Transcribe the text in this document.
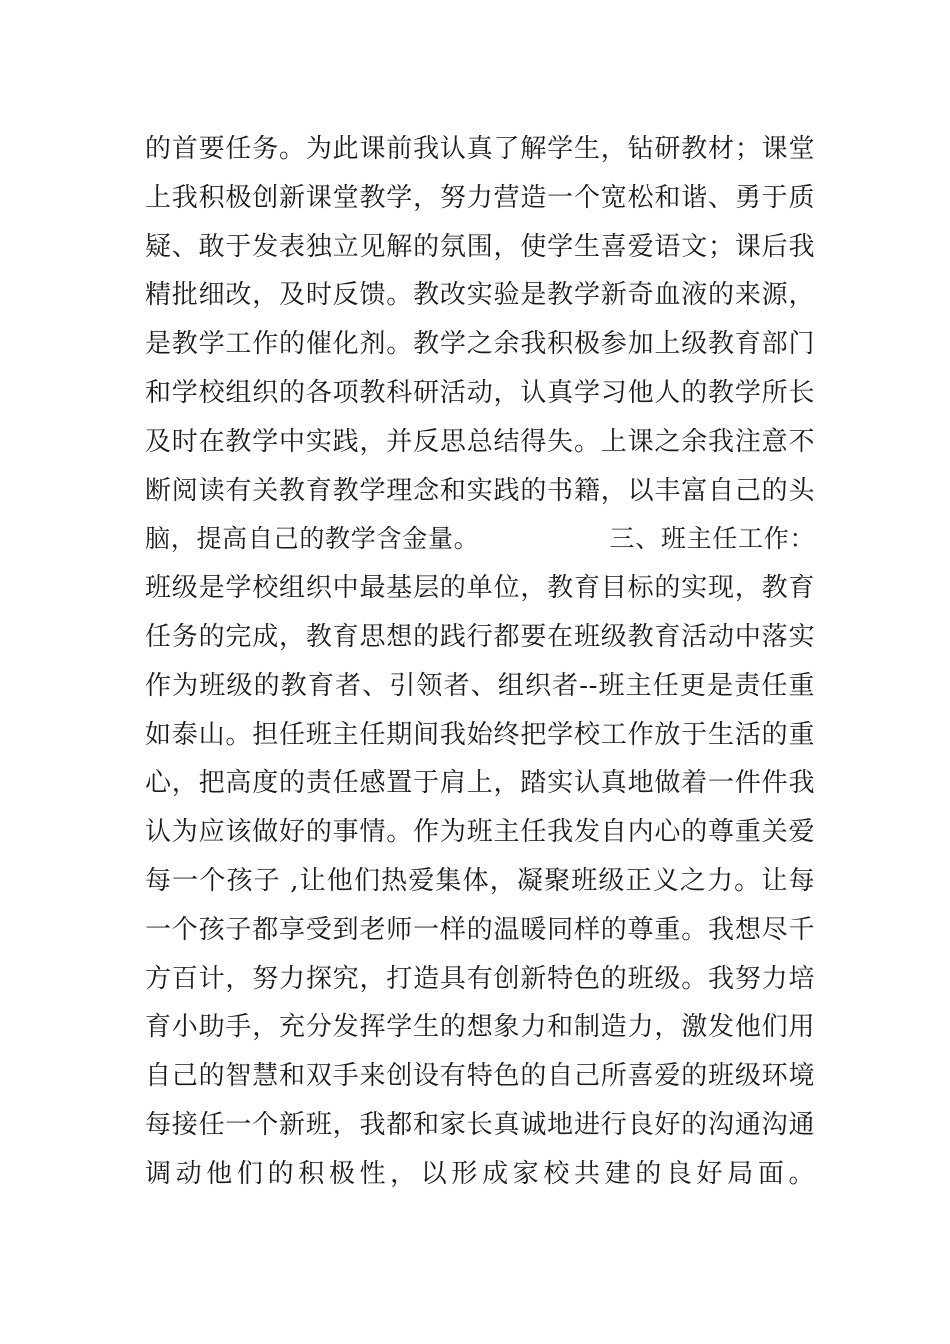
的首要任务。为此课前我认真了解学生，钻研教材；课堂
上我积极创新课堂教学，努力营造一个宽松和谐、勇于质
疑、敢于发表独立见解的氛围，使学生喜爱语文；课后我
精批细改，及时反馈。教改实验是教学新奇血液的来源，
是教学工作的催化剂。教学之余我积极参加上级教育部门
和学校组织的各项教科研活动，认真学习他人的教学所长
及时在教学中实践，并反思总结得失。上课之余我注意不
断阅读有关教育教学理念和实践的书籍，以丰富自己的头
脑，提高自己的教学含金量。               三、班主任工作：
班级是学校组织中最基层的单位，教育目标的实现，教育
任务的完成，教育思想的践行都要在班级教育活动中落实
作为班级的教育者、引领者、组织者--班主任更是责任重
如泰山。担任班主任期间我始终把学校工作放于生活的重
心，把高度的责任感置于肩上，踏实认真地做着一件件我
认为应该做好的事情。作为班主任我发自内心的尊重关爱
每一个孩子 ,让他们热爱集体，凝聚班级正义之力。让每
一个孩子都享受到老师一样的温暖同样的尊重。我想尽千
方百计，努力探究，打造具有创新特色的班级。我努力培
育小助手，充分发挥学生的想象力和制造力，激发他们用
自己的智慧和双手来创设有特色的自己所喜爱的班级环境
每接任一个新班，我都和家长真诚地进行良好的沟通沟通
调动他们的积极性，以形成家校共建的良好局面。
